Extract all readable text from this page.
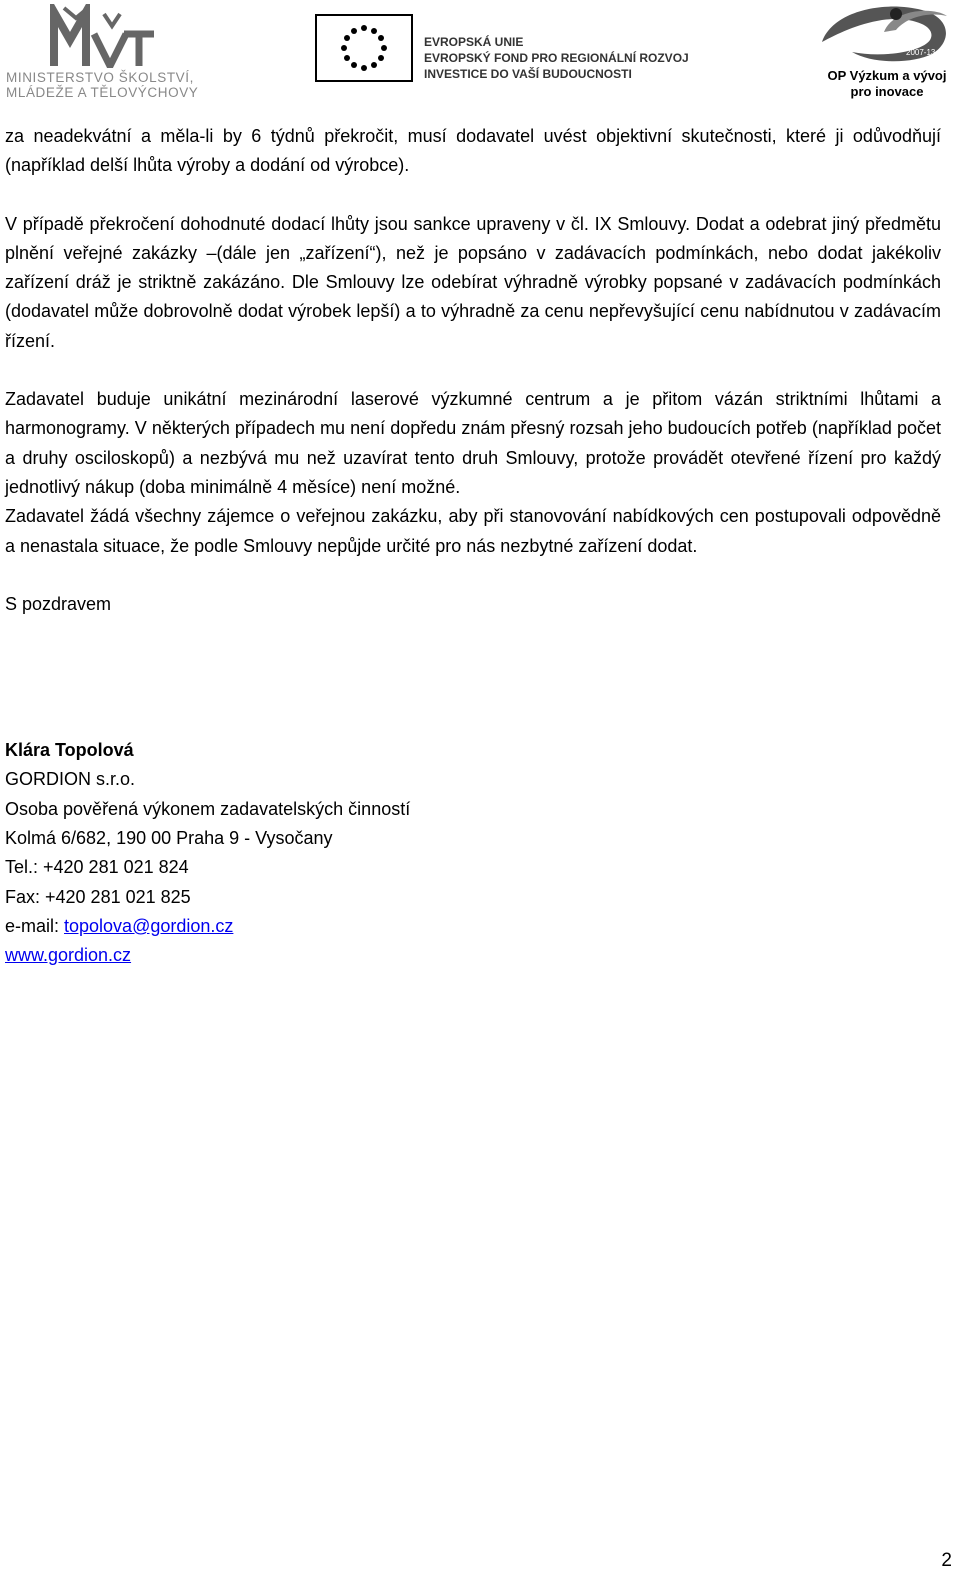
MINISTERSTVO ŠKOLSTVÍ,
MLÁDEŽE A TĚLOVÝCHOVY
EVROPSKÁ UNIE
EVROPSKÝ FOND PRO REGIONÁLNÍ ROZVOJ
INVESTICE DO VAŠÍ BUDOUCNOSTI
2007-13
OP Výzkum a vývoj
pro inovace

za neadekvátní a měla-li by 6 týdnů překročit, musí dodavatel uvést objektivní skutečnosti, které ji odůvodňují (například delší lhůta výroby a dodání od výrobce).

V případě překročení dohodnuté dodací lhůty jsou sankce upraveny v čl. IX Smlouvy. Dodat a odebrat jiný předmětu plnění veřejné zakázky –(dále jen „zařízení“), než je popsáno v zadávacích podmínkách, nebo dodat jakékoliv zařízení dráž je striktně zakázáno. Dle Smlouvy lze odebírat výhradně výrobky popsané v zadávacích podmínkách (dodavatel může dobrovolně dodat výrobek lepší) a to výhradně za cenu nepřevyšující cenu nabídnutou v zadávacím řízení.

Zadavatel buduje unikátní mezinárodní laserové výzkumné centrum a je přitom vázán striktními lhůtami a harmonogramy. V některých případech mu není dopředu znám přesný rozsah jeho budoucích potřeb (například počet a druhy osciloskopů) a nezbývá mu než uzavírat tento druh Smlouvy, protože provádět otevřené řízení pro každý jednotlivý nákup (doba minimálně 4 měsíce) není možné.

Zadavatel žádá všechny zájemce o veřejnou zakázku, aby při stanovování nabídkových cen postupovali odpovědně a nenastala situace, že podle Smlouvy nepůjde určité pro nás nezbytné zařízení dodat.

S pozdravem

Klára Topolová

GORDION s.r.o.

Osoba pověřená výkonem zadavatelských činností

Kolmá 6/682, 190 00 Praha 9 - Vysočany

Tel.: +420 281 021 824

Fax: +420 281 021 825

e-mail: topolova@gordion.cz

www.gordion.cz

2
